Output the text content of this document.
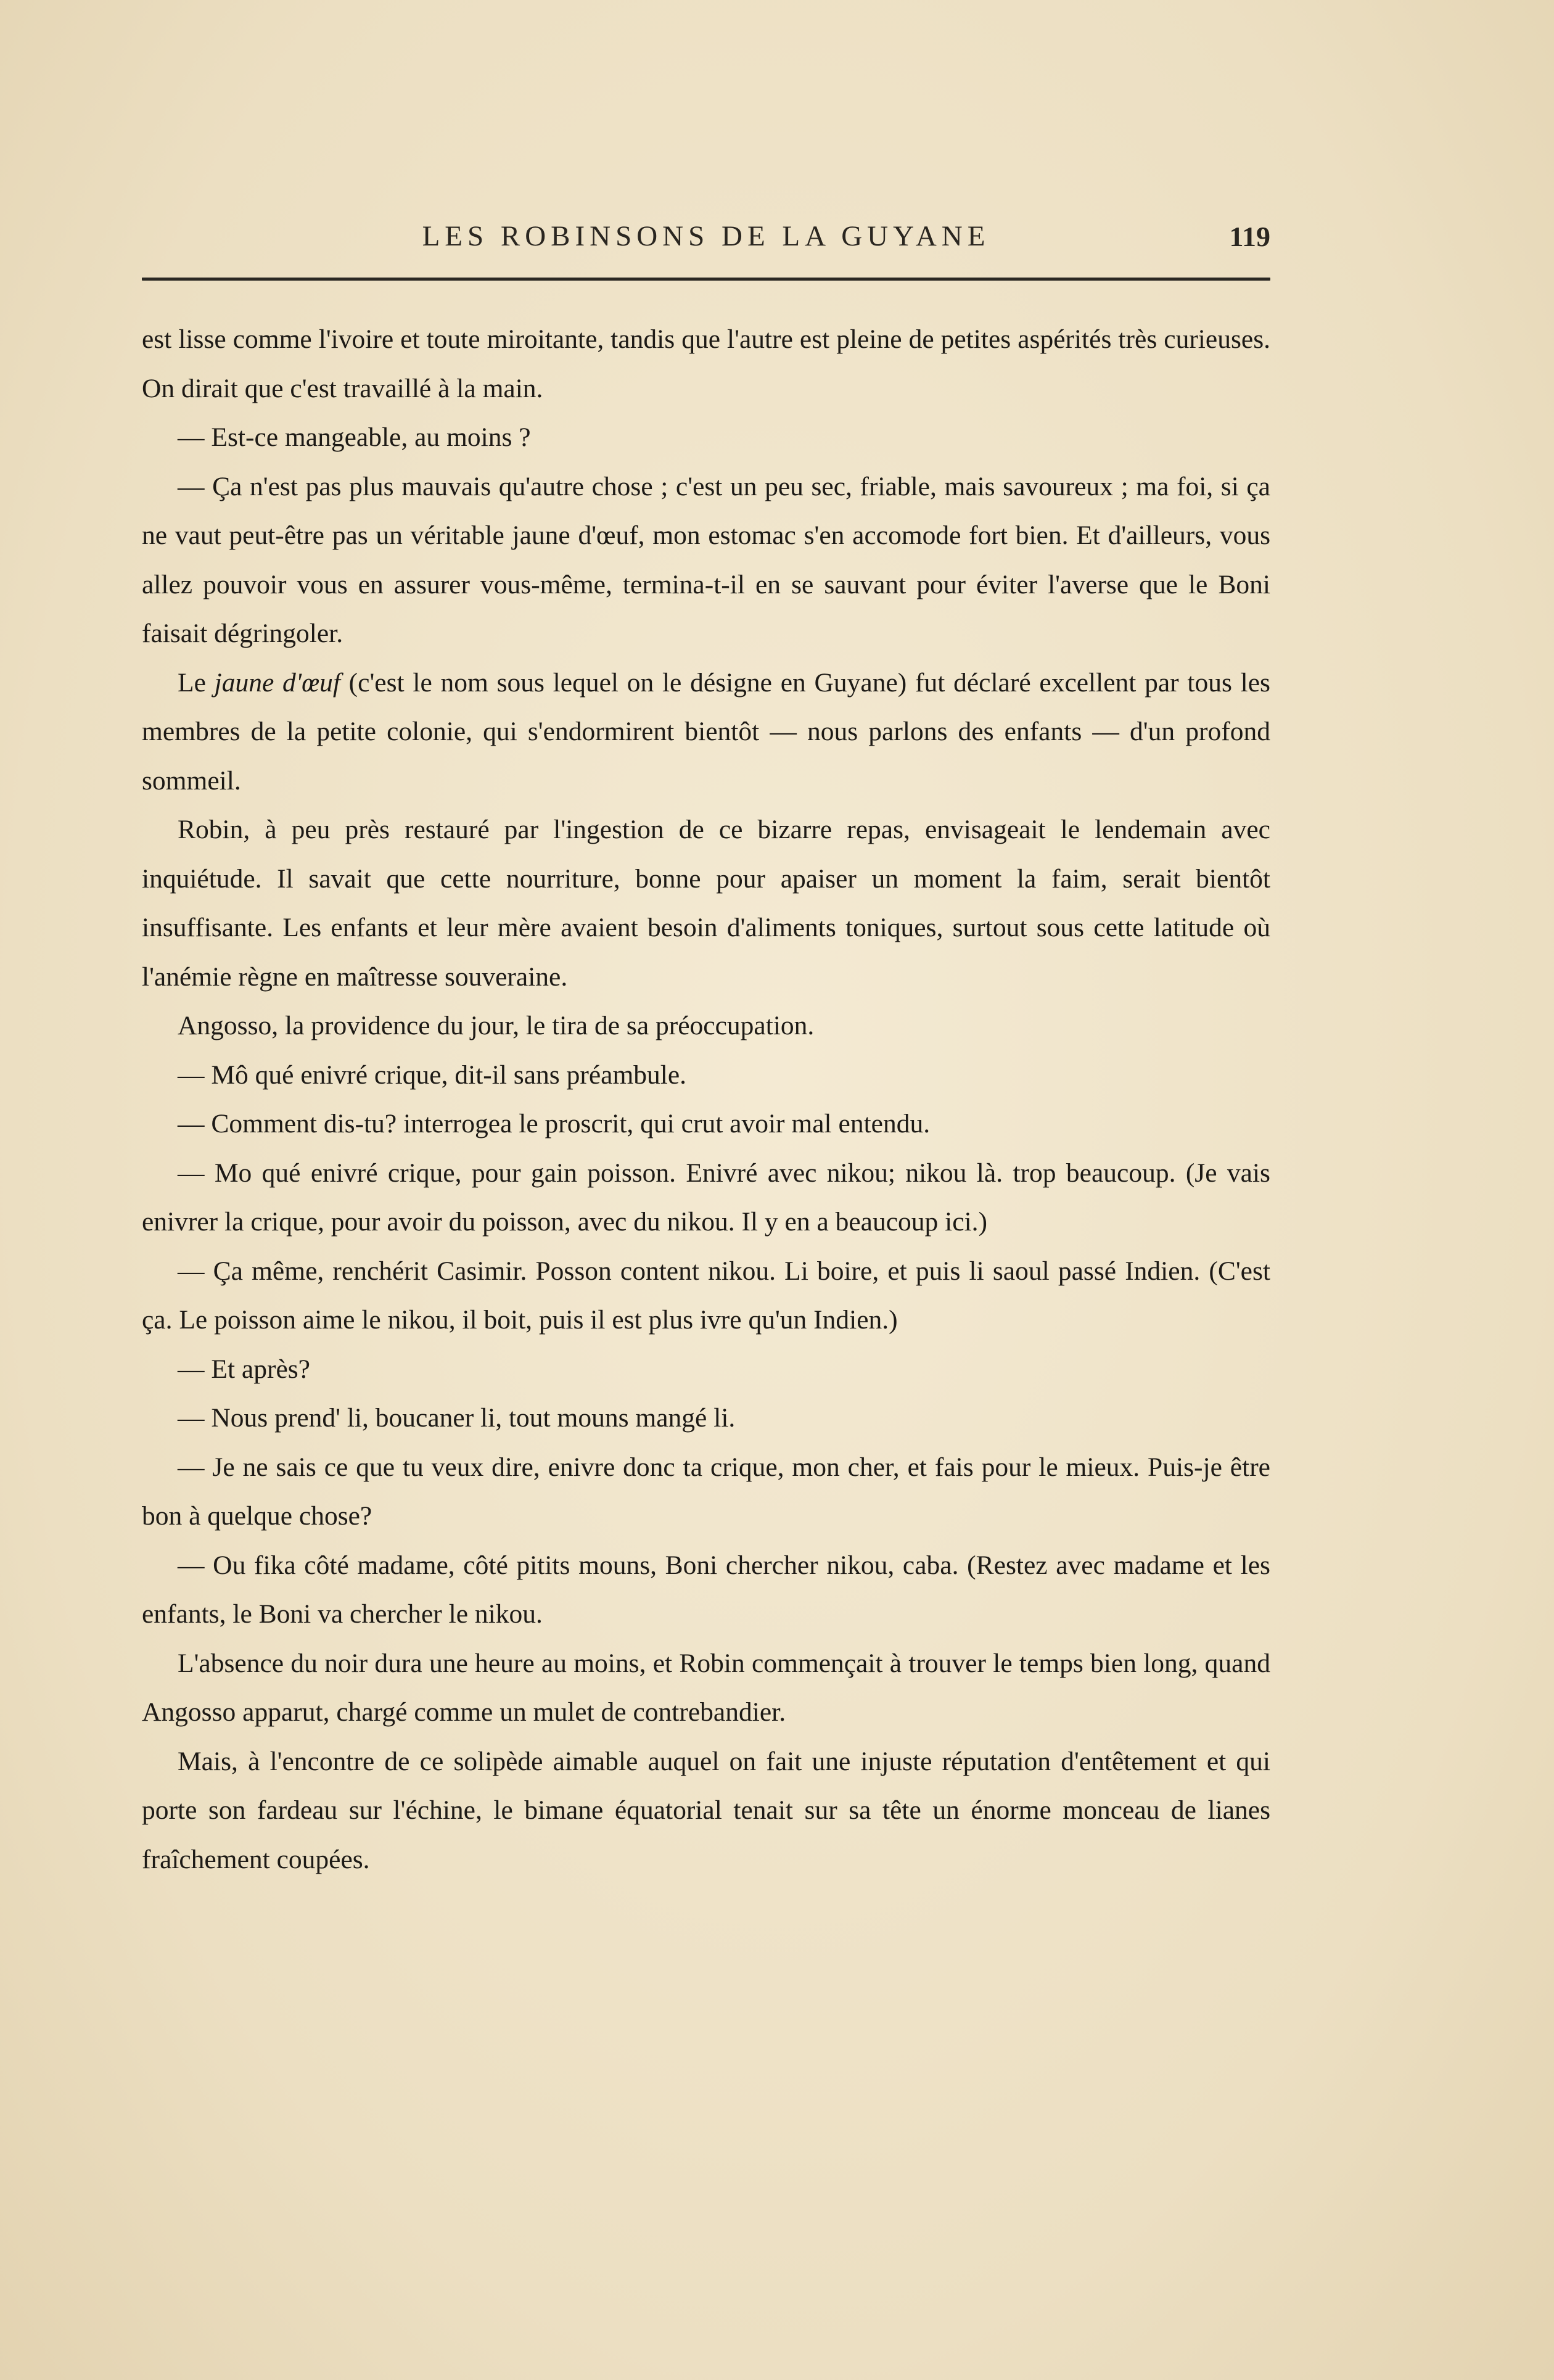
LES ROBINSONS DE LA GUYANE	119

est lisse comme l'ivoire et toute miroitante, tandis que l'autre est pleine de petites aspérités très curieuses. On dirait que c'est travaillé à la main.

— Est-ce mangeable, au moins ?

— Ça n'est pas plus mauvais qu'autre chose ; c'est un peu sec, friable, mais savoureux ; ma foi, si ça ne vaut peut-être pas un véritable jaune d'œuf, mon estomac s'en accomode fort bien. Et d'ailleurs, vous allez pouvoir vous en assurer vous-même, termina-t-il en se sauvant pour éviter l'averse que le Boni faisait dégringoler.

Le jaune d'œuf (c'est le nom sous lequel on le désigne en Guyane) fut déclaré excellent par tous les membres de la petite colonie, qui s'endormirent bientôt — nous parlons des enfants — d'un profond sommeil.

Robin, à peu près restauré par l'ingestion de ce bizarre repas, envisageait le lendemain avec inquiétude. Il savait que cette nourriture, bonne pour apaiser un moment la faim, serait bientôt insuffisante. Les enfants et leur mère avaient besoin d'aliments toniques, surtout sous cette latitude où l'anémie règne en maîtresse souveraine.

Angosso, la providence du jour, le tira de sa préoccupation.

— Mô qué enivré crique, dit-il sans préambule.

— Comment dis-tu? interrogea le proscrit, qui crut avoir mal entendu.

— Mo qué enivré crique, pour gain poisson. Enivré avec nikou; nikou là. trop beaucoup. (Je vais enivrer la crique, pour avoir du poisson, avec du nikou. Il y en a beaucoup ici.)

— Ça même, renchérit Casimir. Posson content nikou. Li boire, et puis li saoul passé Indien. (C'est ça. Le poisson aime le nikou, il boit, puis il est plus ivre qu'un Indien.)

— Et après?

— Nous prend' li, boucaner li, tout mouns mangé li.

— Je ne sais ce que tu veux dire, enivre donc ta crique, mon cher, et fais pour le mieux. Puis-je être bon à quelque chose?

— Ou fika côté madame, côté pitits mouns, Boni chercher nikou, caba. (Restez avec madame et les enfants, le Boni va chercher le nikou.

L'absence du noir dura une heure au moins, et Robin commençait à trouver le temps bien long, quand Angosso apparut, chargé comme un mulet de contrebandier.

Mais, à l'encontre de ce solipède aimable auquel on fait une injuste réputation d'entêtement et qui porte son fardeau sur l'échine, le bimane équatorial tenait sur sa tête un énorme monceau de lianes fraîchement coupées.
